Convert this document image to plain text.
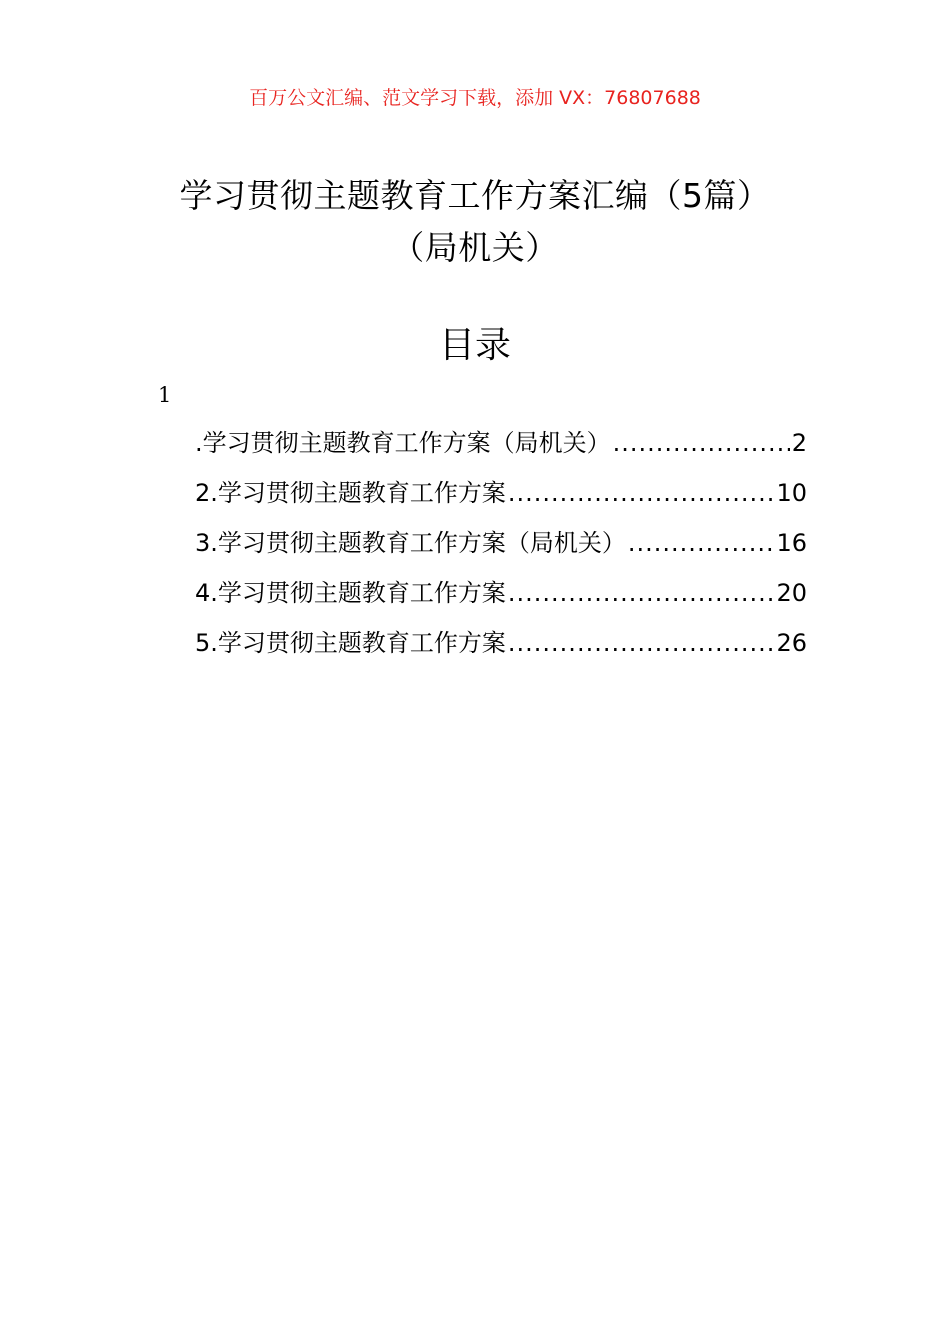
百万公文汇编、范文学习下载，添加 VX：76807688
学习贯彻主题教育工作方案汇编（5篇）
（局机关）
目录
1
.学习贯彻主题教育工作方案（局机关） .....	2
2.学习贯彻主题教育工作方案 .....	10
3.学习贯彻主题教育工作方案（局机关） .....	16
4.学习贯彻主题教育工作方案 .....	20
5.学习贯彻主题教育工作方案 .....	26
